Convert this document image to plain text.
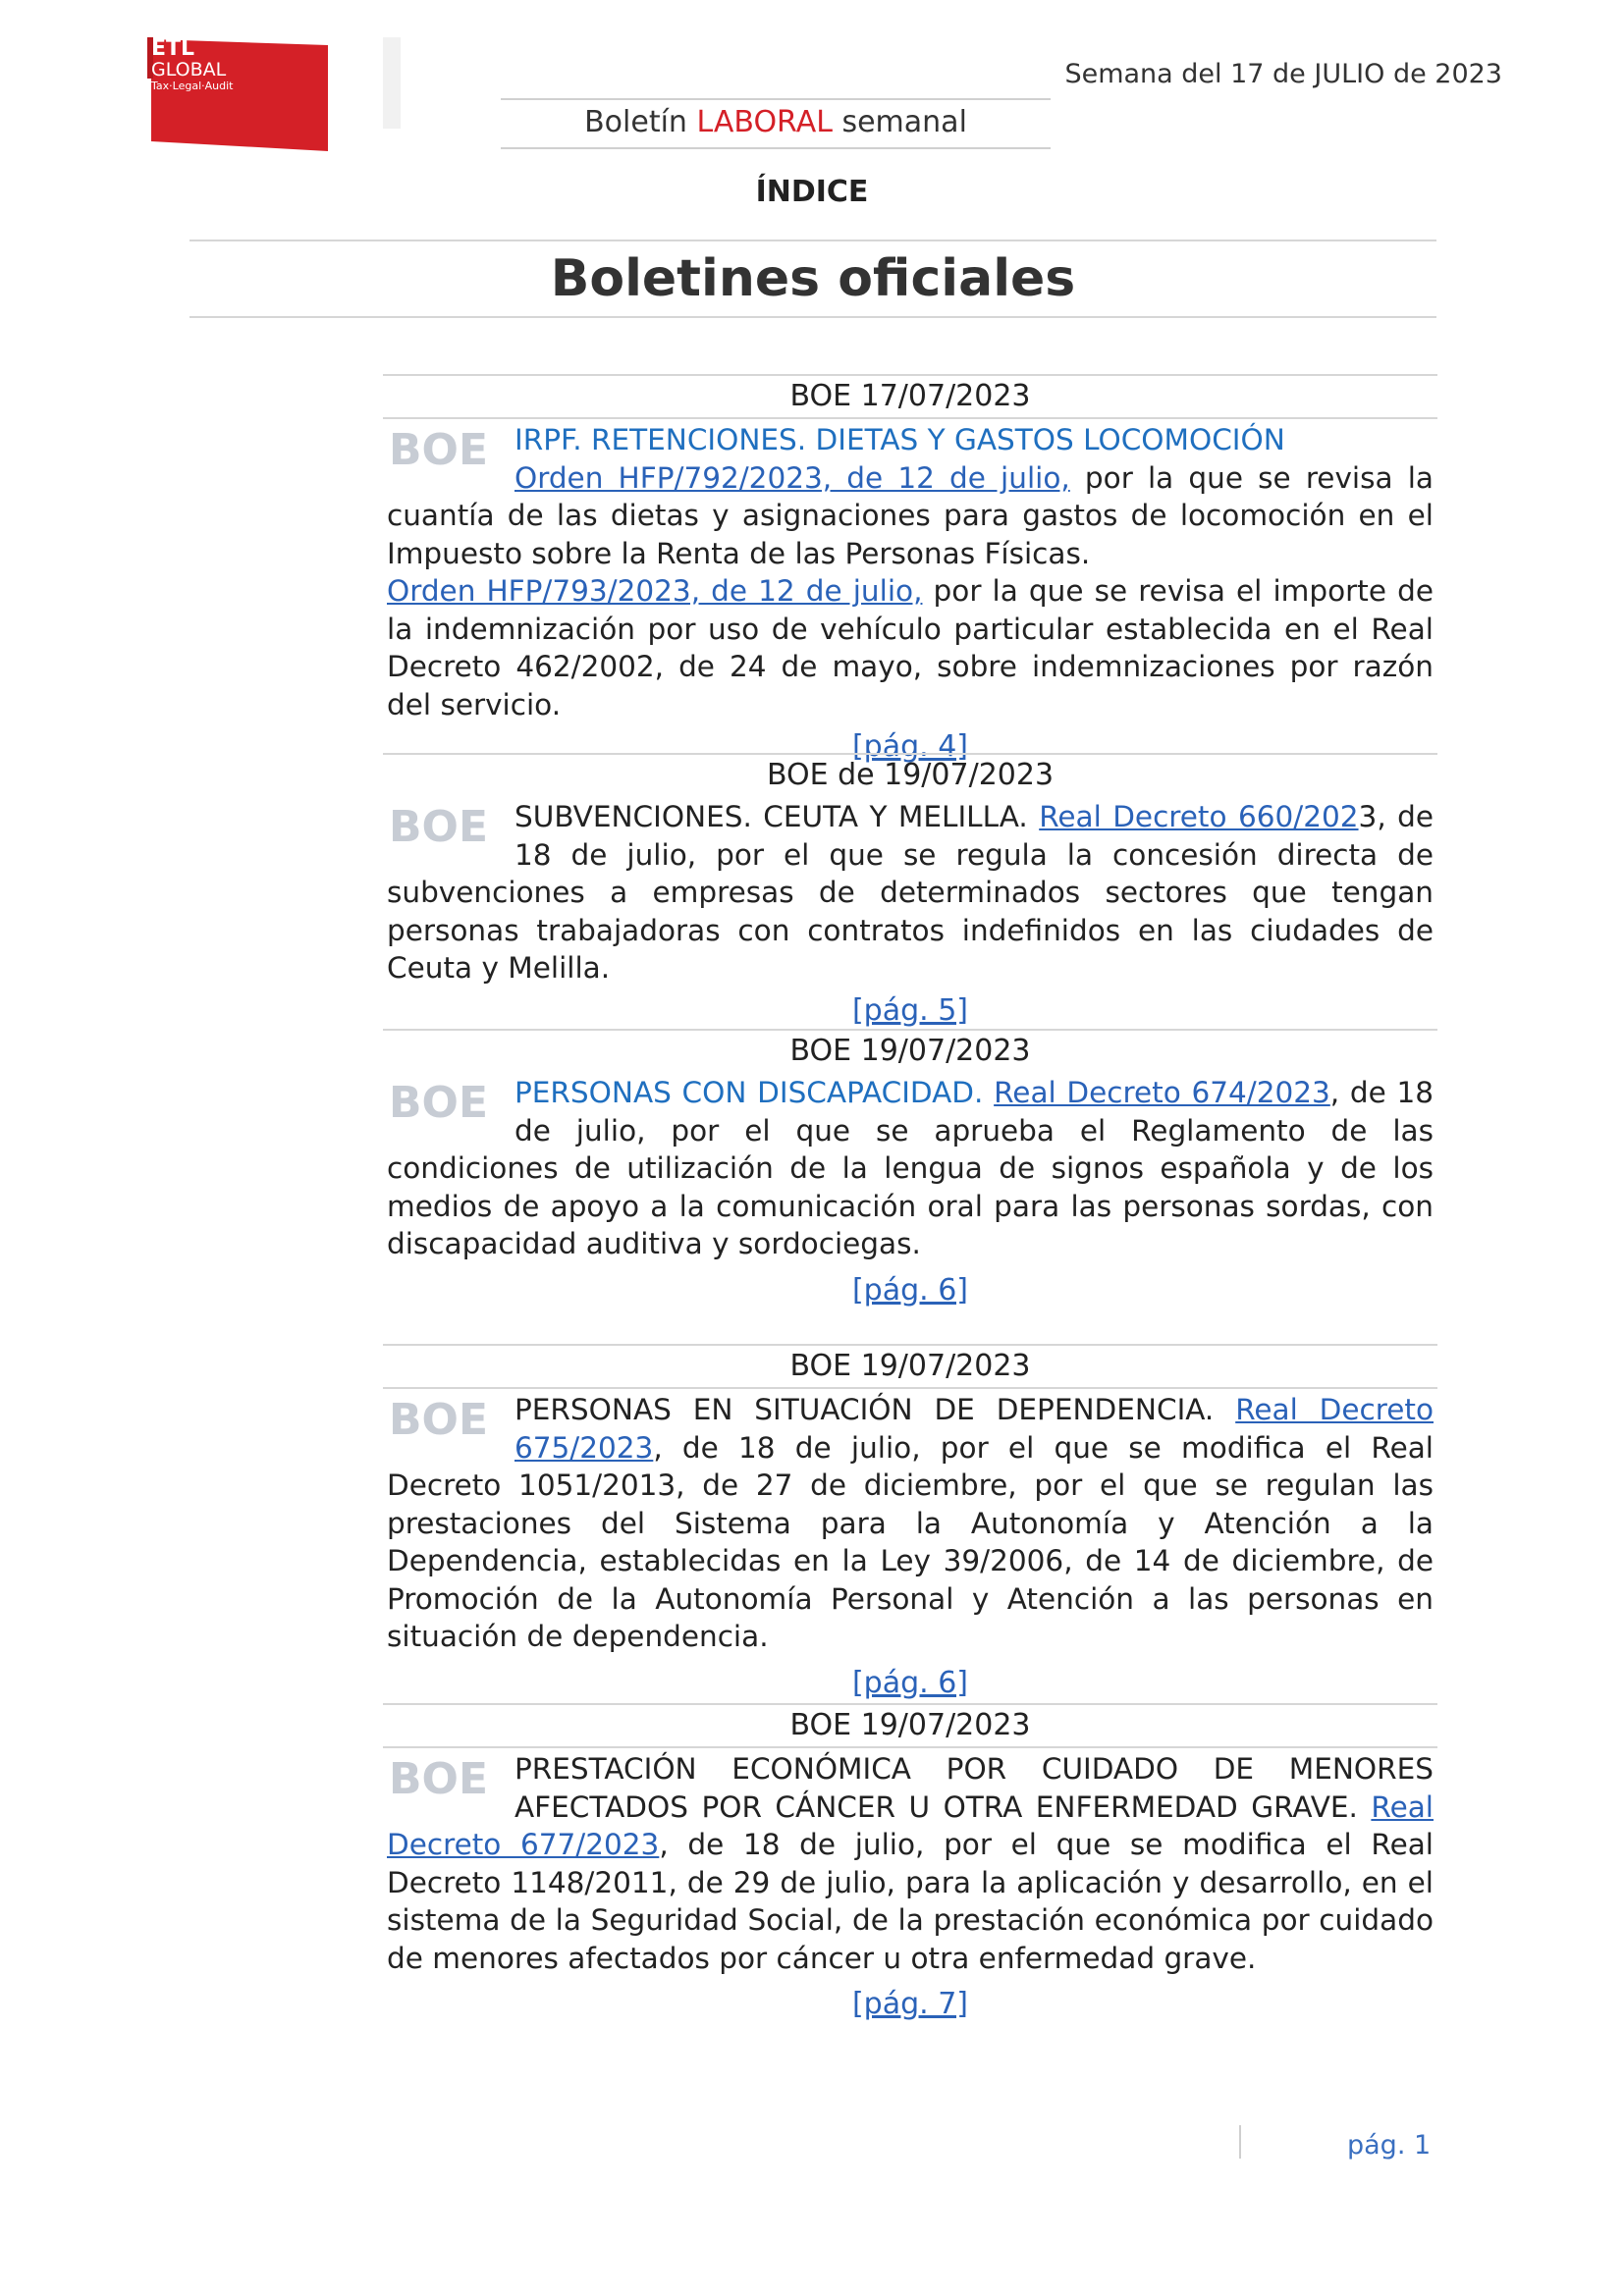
ETL
GLOBAL
Tax·Legal·Audit	Semana del 17 de JULIO de 2023
Boletín LABORAL semanal
ÍNDICE
Boletines oficiales
BOE 17/07/2023
BOE IRPF. RETENCIONES. DIETAS Y GASTOS LOCOMOCIÓN

Orden HFP/792/2023, de 12 de julio, por la que se revisa la cuantía de las dietas y asignaciones para gastos de locomoción en el Impuesto sobre la Renta de las Personas Físicas.

Orden HFP/793/2023, de 12 de julio, por la que se revisa el importe de la indemnización por uso de vehículo particular establecida en el Real Decreto 462/2002, de 24 de mayo, sobre indemnizaciones por razón del servicio.

[pág. 4]
BOE de 19/07/2023
BOE SUBVENCIONES. CEUTA Y MELILLA. Real Decreto 660/2023, de 18 de julio, por el que se regula la concesión directa de subvenciones a empresas de determinados sectores que tengan personas trabajadoras con contratos indefinidos en las ciudades de Ceuta y Melilla.

[pág. 5]
BOE 19/07/2023
BOE PERSONAS CON DISCAPACIDAD. Real Decreto 674/2023, de 18 de julio, por el que se aprueba el Reglamento de las condiciones de utilización de la lengua de signos española y de los medios de apoyo a la comunicación oral para las personas sordas, con discapacidad auditiva y sordociegas.

[pág. 6]
BOE 19/07/2023
BOE PERSONAS EN SITUACIÓN DE DEPENDENCIA. Real Decreto 675/2023, de 18 de julio, por el que se modifica el Real Decreto 1051/2013, de 27 de diciembre, por el que se regulan las prestaciones del Sistema para la Autonomía y Atención a la Dependencia, establecidas en la Ley 39/2006, de 14 de diciembre, de Promoción de la Autonomía Personal y Atención a las personas en situación de dependencia.

[pág. 6]
BOE 19/07/2023
BOE PRESTACIÓN ECONÓMICA POR CUIDADO DE MENORES AFECTADOS POR CÁNCER U OTRA ENFERMEDAD GRAVE. Real Decreto 677/2023, de 18 de julio, por el que se modifica el Real Decreto 1148/2011, de 29 de julio, para la aplicación y desarrollo, en el sistema de la Seguridad Social, de la prestación económica por cuidado de menores afectados por cáncer u otra enfermedad grave.

[pág. 7]
pág. 1
